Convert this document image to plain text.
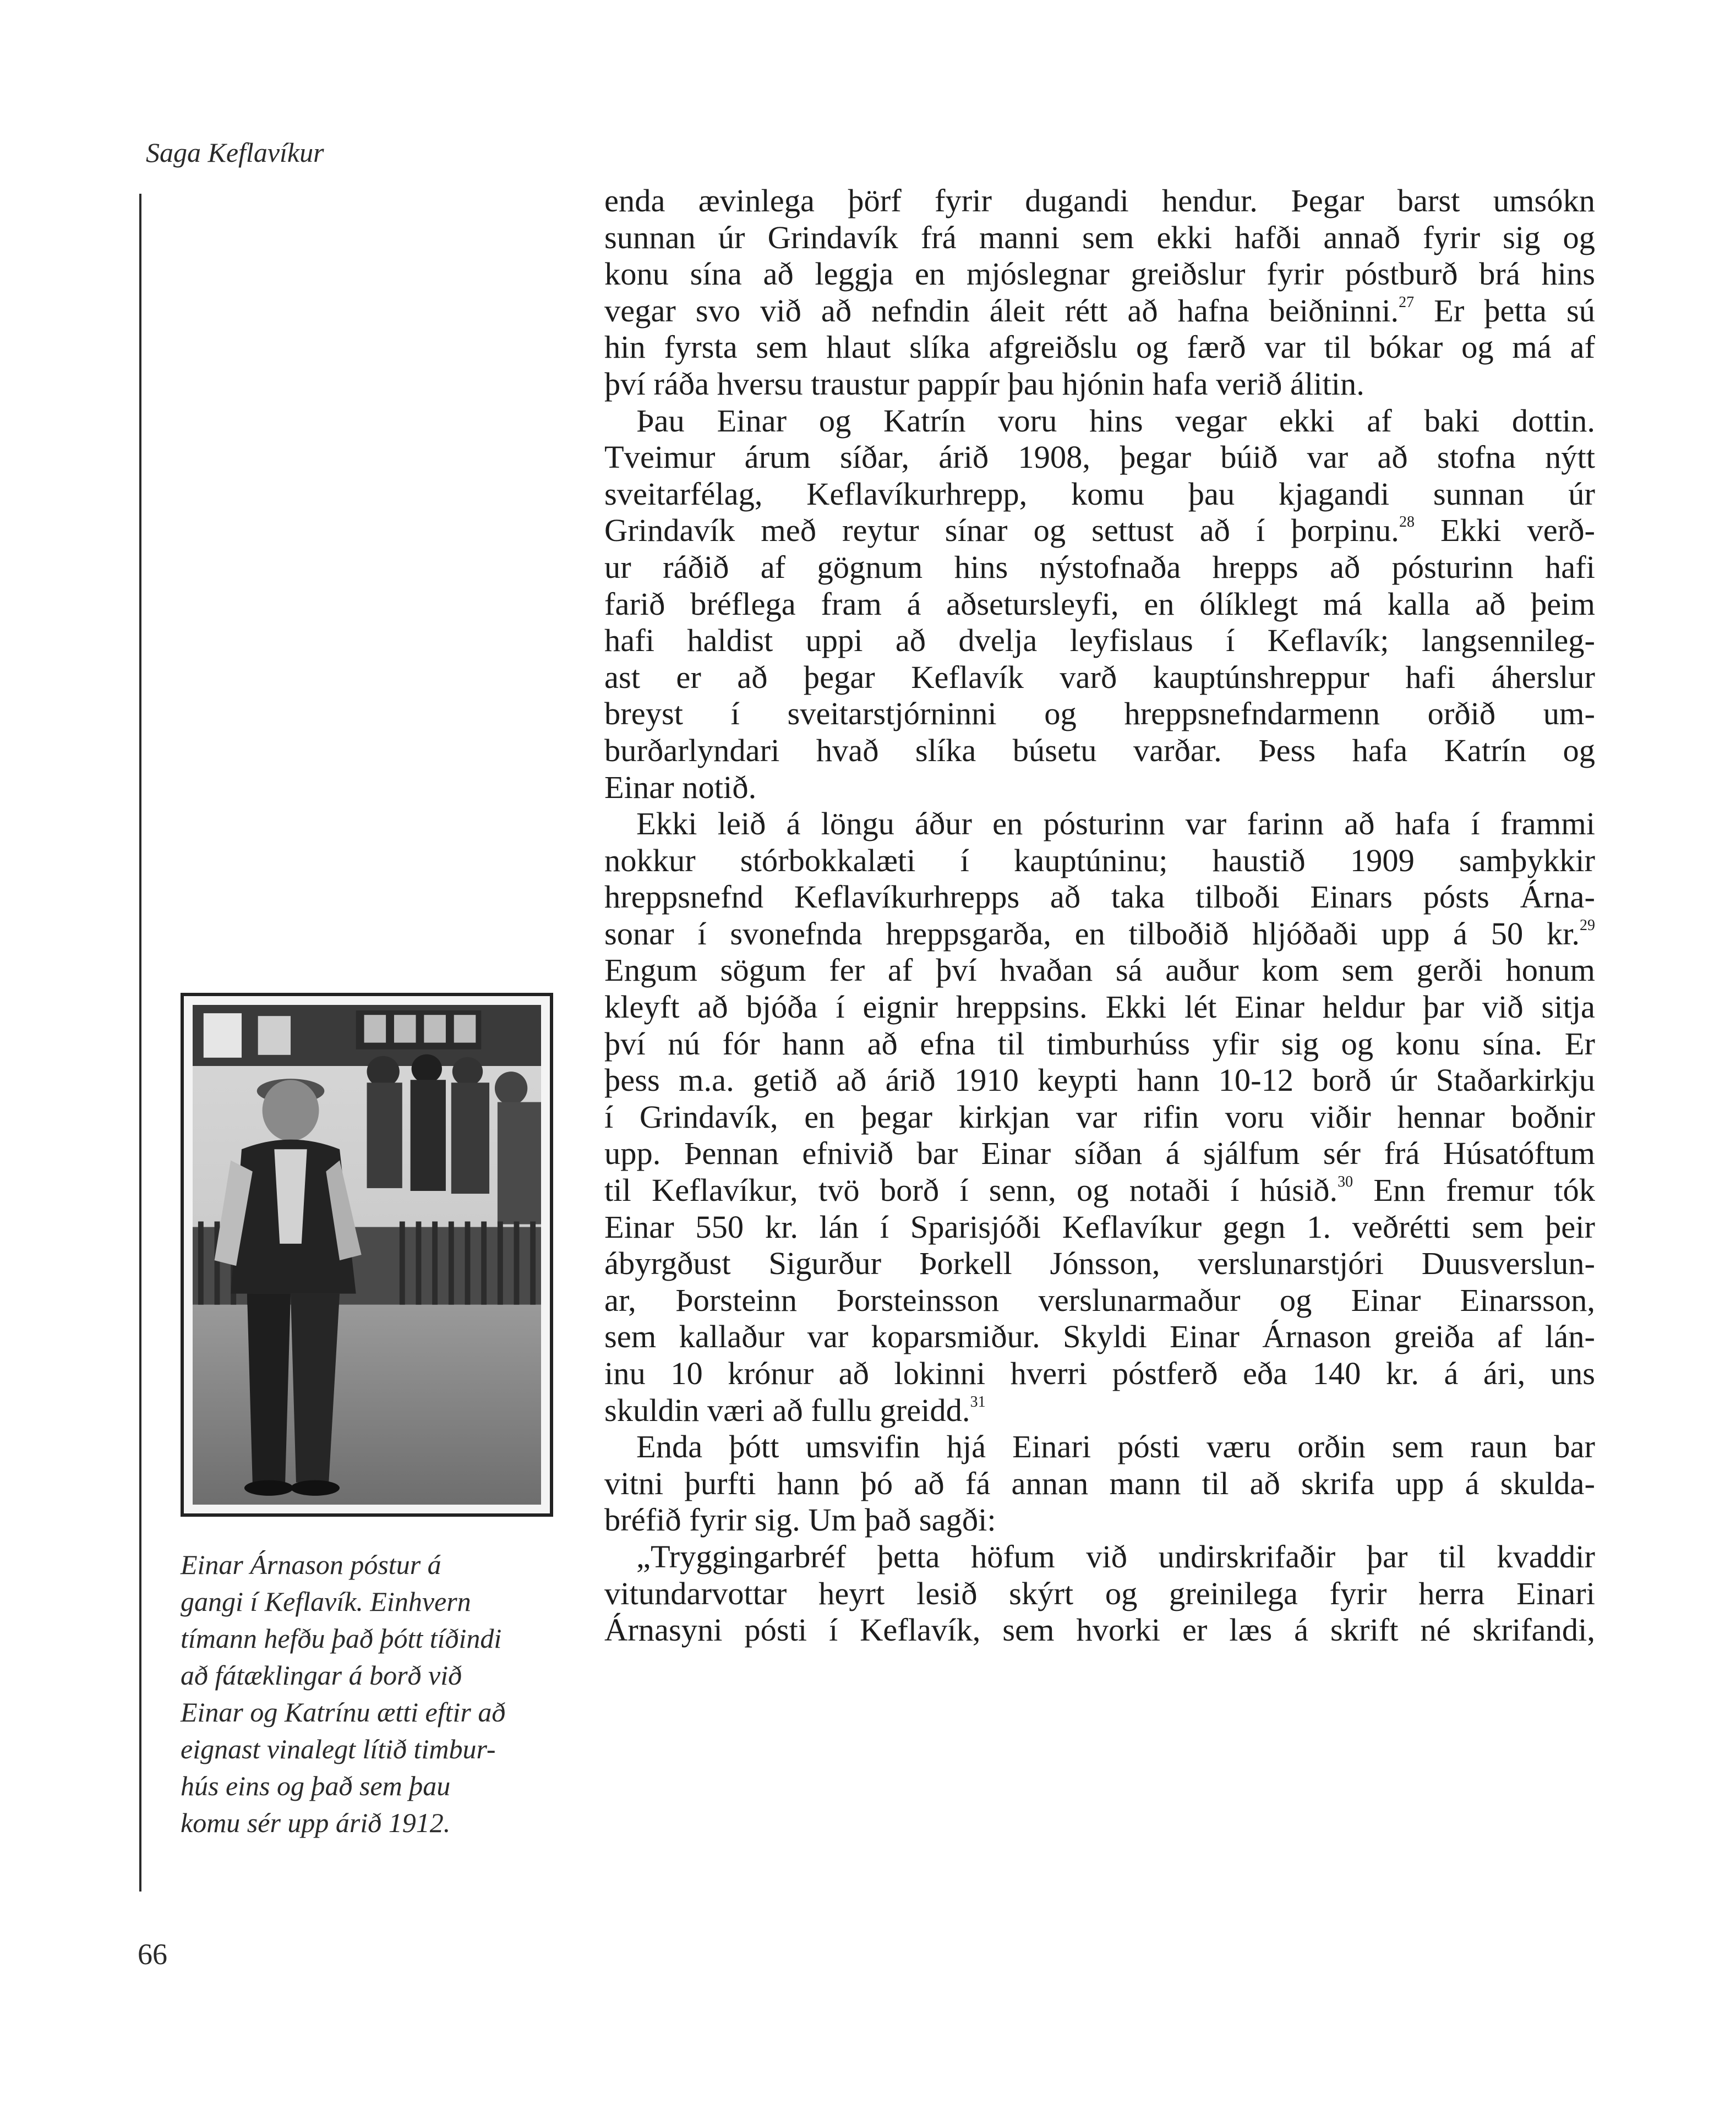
Saga Keflavíkur
Einar Árnason póstur á
gangi í Keflavík. Einhvern
tímann hefðu það þótt tíðindi
að fátæklingar á borð við
Einar og Katrínu ætti eftir að
eignast vinalegt lítið timbur-
hús eins og það sem þau
komu sér upp árið 1912.
enda ævinlega þörf fyrir dugandi hendur. Þegar barst umsókn
sunnan úr Grindavík frá manni sem ekki hafði annað fyrir sig og
konu sína að leggja en mjóslegnar greiðslur fyrir póstburð brá hins
vegar svo við að nefndin áleit rétt að hafna beiðninni.$^{27}$ Er þetta sú
hin fyrsta sem hlaut slíka afgreiðslu og færð var til bókar og má af
því ráða hversu traustur pappír þau hjónin hafa verið álitin.
Þau Einar og Katrín voru hins vegar ekki af baki dottin.
Tveimur árum síðar, árið 1908, þegar búið var að stofna nýtt
sveitarfélag, Keflavíkurhrepp, komu þau kjagandi sunnan úr
Grindavík með reytur sínar og settust að í þorpinu.$^{28}$ Ekki verð-
ur ráðið af gögnum hins nýstofnaða hrepps að pósturinn hafi
farið bréflega fram á aðsetursleyfi, en ólíklegt má kalla að þeim
hafi haldist uppi að dvelja leyfislaus í Keflavík; langsennileg-
ast er að þegar Keflavík varð kauptúnshreppur hafi áherslur
breyst í sveitarstjórninni og hreppsnefndarmenn orðið um-
burðarlyndari hvað slíka búsetu varðar. Þess hafa Katrín og
Einar notið.
Ekki leið á löngu áður en pósturinn var farinn að hafa í frammi
nokkur stórbokkalæti í kauptúninu; haustið 1909 samþykkir
hreppsnefnd Keflavíkurhrepps að taka tilboði Einars pósts Árna-
sonar í svonefnda hreppsgarða, en tilboðið hljóðaði upp á 50 kr.$^{29}$
Engum sögum fer af því hvaðan sá auður kom sem gerði honum
kleyft að bjóða í eignir hreppsins. Ekki lét Einar heldur þar við sitja
því nú fór hann að efna til timburhúss yfir sig og konu sína. Er
þess m.a. getið að árið 1910 keypti hann 10-12 borð úr Staðarkirkju
í Grindavík, en þegar kirkjan var rifin voru viðir hennar boðnir
upp. Þennan efnivið bar Einar síðan á sjálfum sér frá Húsatóftum
til Keflavíkur, tvö borð í senn, og notaði í húsið.$^{30}$ Enn fremur tók
Einar 550 kr. lán í Sparisjóði Keflavíkur gegn 1. veðrétti sem þeir
ábyrgðust Sigurður Þorkell Jónsson, verslunarstjóri Duusverslun-
ar, Þorsteinn Þorsteinsson verslunarmaður og Einar Einarsson,
sem kallaður var koparsmiður. Skyldi Einar Árnason greiða af lán-
inu 10 krónur að lokinni hverri póstferð eða 140 kr. á ári, uns
skuldin væri að fullu greidd.$^{31}$
Enda þótt umsvifin hjá Einari pósti væru orðin sem raun bar
vitni þurfti hann þó að fá annan mann til að skrifa upp á skulda-
bréfið fyrir sig. Um það sagði:
„Tryggingarbréf þetta höfum við undirskrifaðir þar til kvaddir
vitundarvottar heyrt lesið skýrt og greinilega fyrir herra Einari
Árnasyni pósti í Keflavík, sem hvorki er læs á skrift né skrifandi,
66
